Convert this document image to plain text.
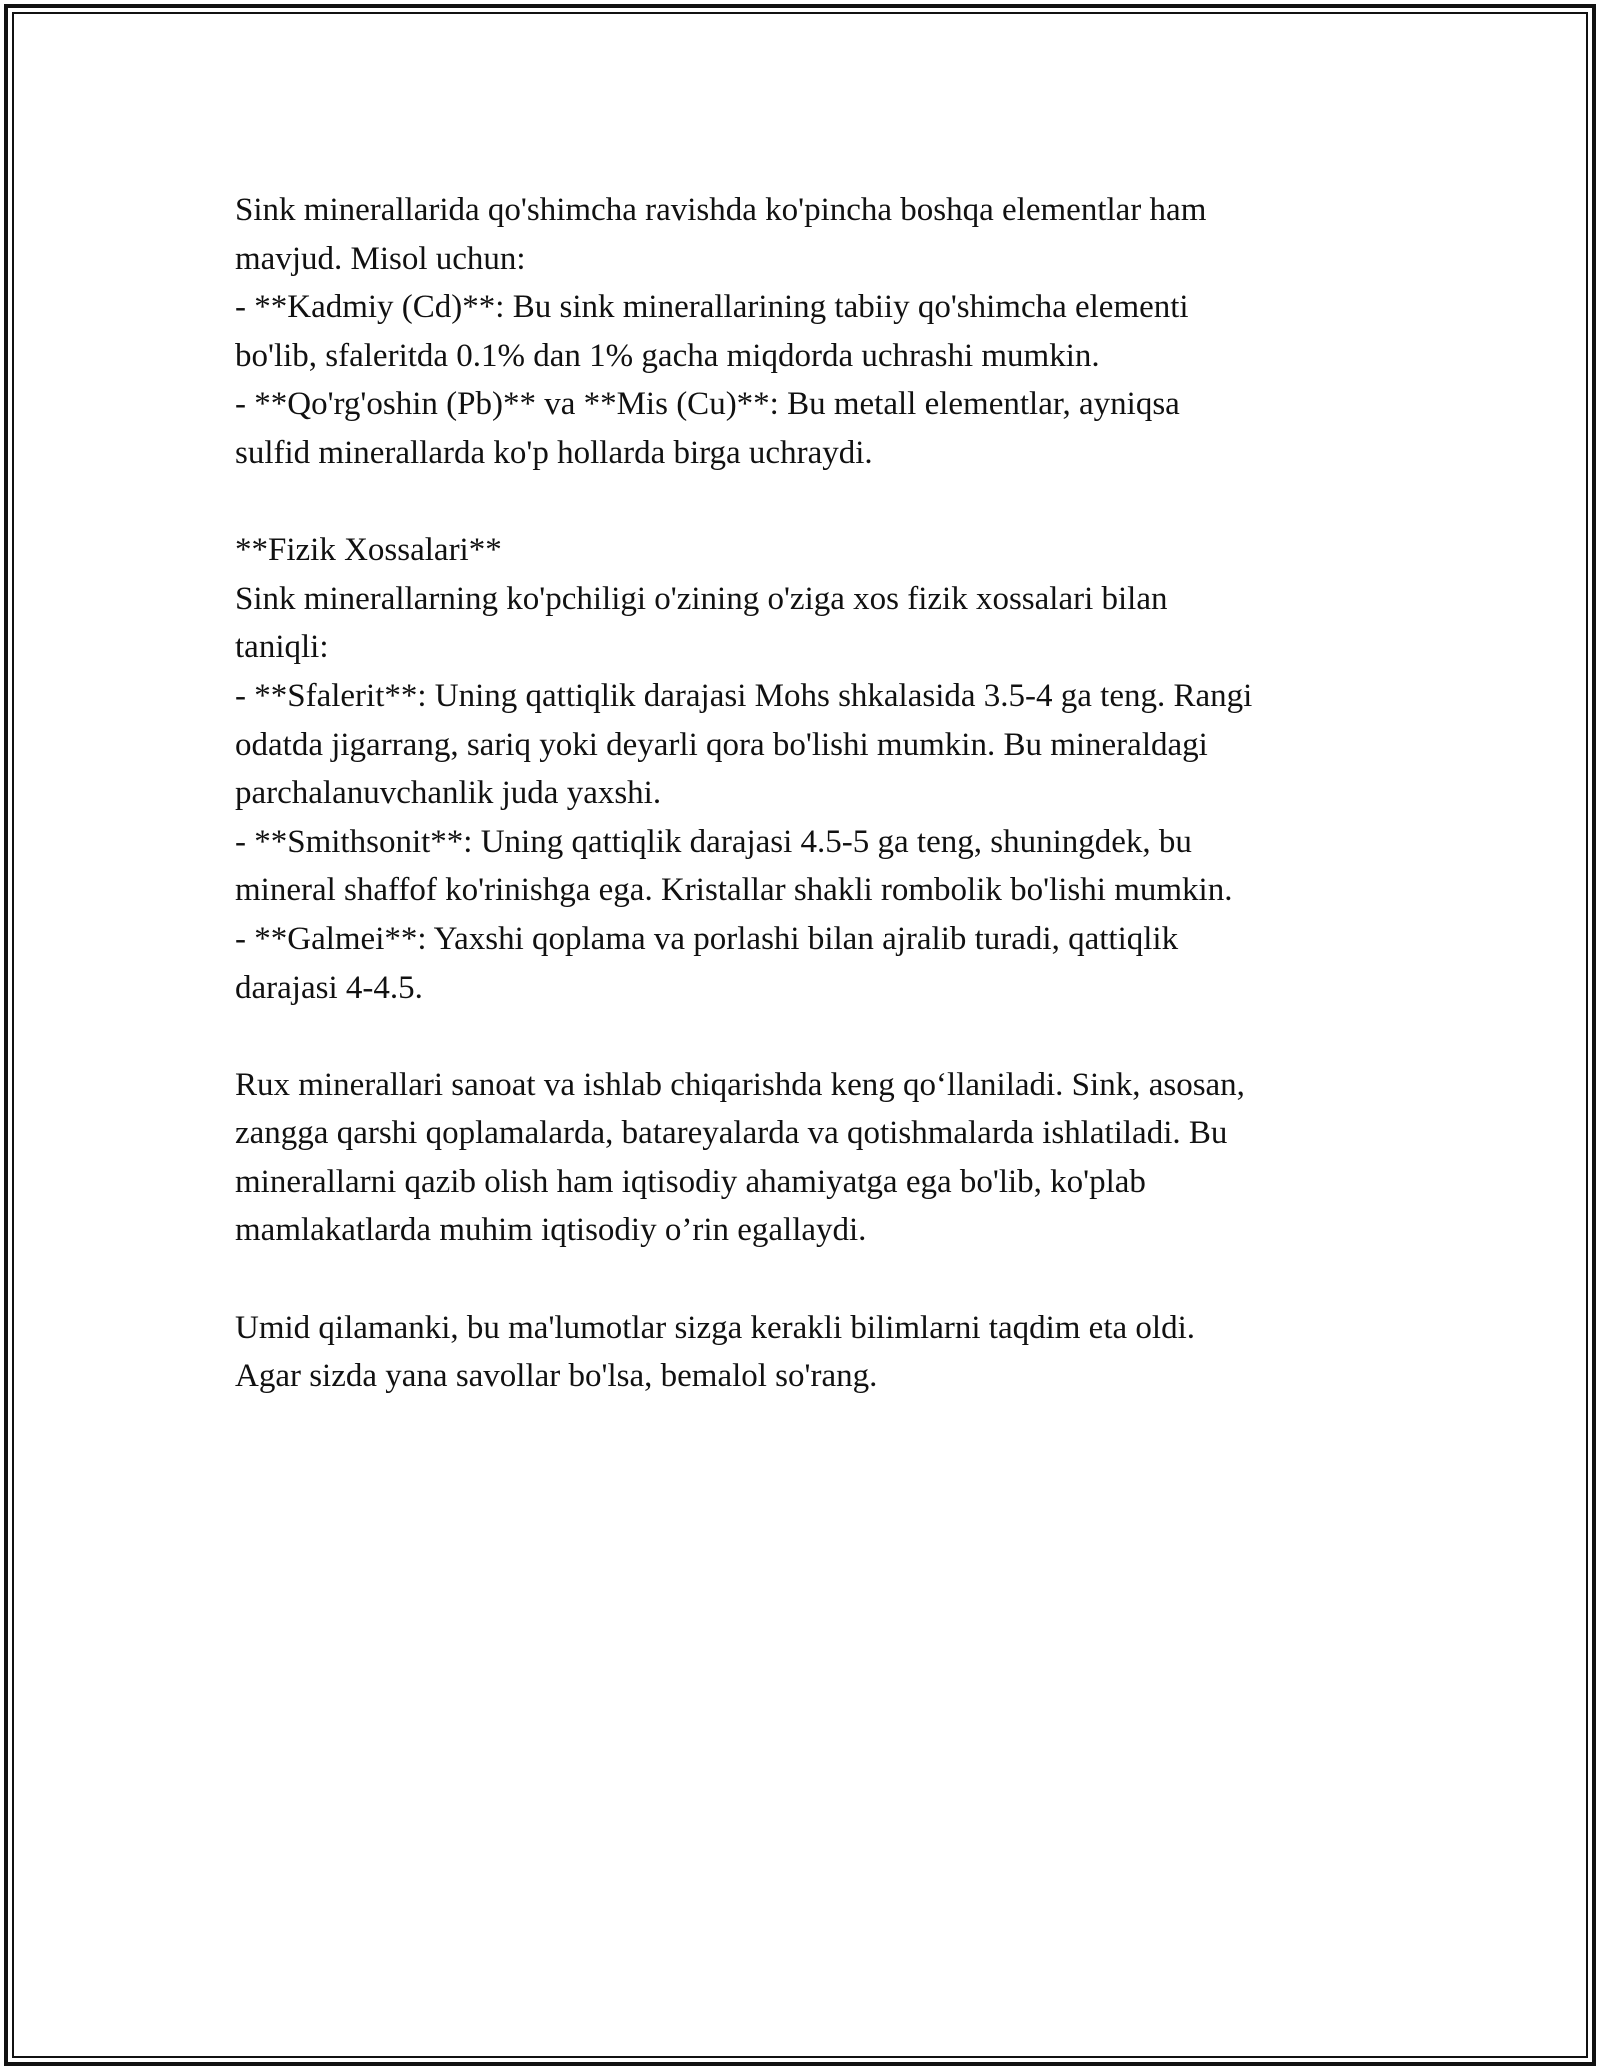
Sink minerallarida qo'shimcha ravishda ko'pincha boshqa elementlar ham
mavjud. Misol uchun:
- **Kadmiy (Cd)**: Bu sink minerallarining tabiiy qo'shimcha elementi
bo'lib, sfaleritda 0.1% dan 1% gacha miqdorda uchrashi mumkin.
- **Qo'rg'oshin (Pb)** va **Mis (Cu)**: Bu metall elementlar, ayniqsa
sulfid minerallarda ko'p hollarda birga uchraydi.
**Fizik Xossalari**
Sink minerallarning ko'pchiligi o'zining o'ziga xos fizik xossalari bilan
taniqli:
- **Sfalerit**: Uning qattiqlik darajasi Mohs shkalasida 3.5-4 ga teng. Rangi
odatda jigarrang, sariq yoki deyarli qora bo'lishi mumkin. Bu mineraldagi
parchalanuvchanlik juda yaxshi.
- **Smithsonit**: Uning qattiqlik darajasi 4.5-5 ga teng, shuningdek, bu
mineral shaffof ko'rinishga ega. Kristallar shakli rombolik bo'lishi mumkin.
- **Galmei**: Yaxshi qoplama va porlashi bilan ajralib turadi, qattiqlik
darajasi 4-4.5.
Rux minerallari sanoat va ishlab chiqarishda keng qo‘llaniladi. Sink, asosan,
zangga qarshi qoplamalarda, batareyalarda va qotishmalarda ishlatiladi. Bu
minerallarni qazib olish ham iqtisodiy ahamiyatga ega bo'lib, ko'plab
mamlakatlarda muhim iqtisodiy o’rin egallaydi.
Umid qilamanki, bu ma'lumotlar sizga kerakli bilimlarni taqdim eta oldi.
Agar sizda yana savollar bo'lsa, bemalol so'rang.
